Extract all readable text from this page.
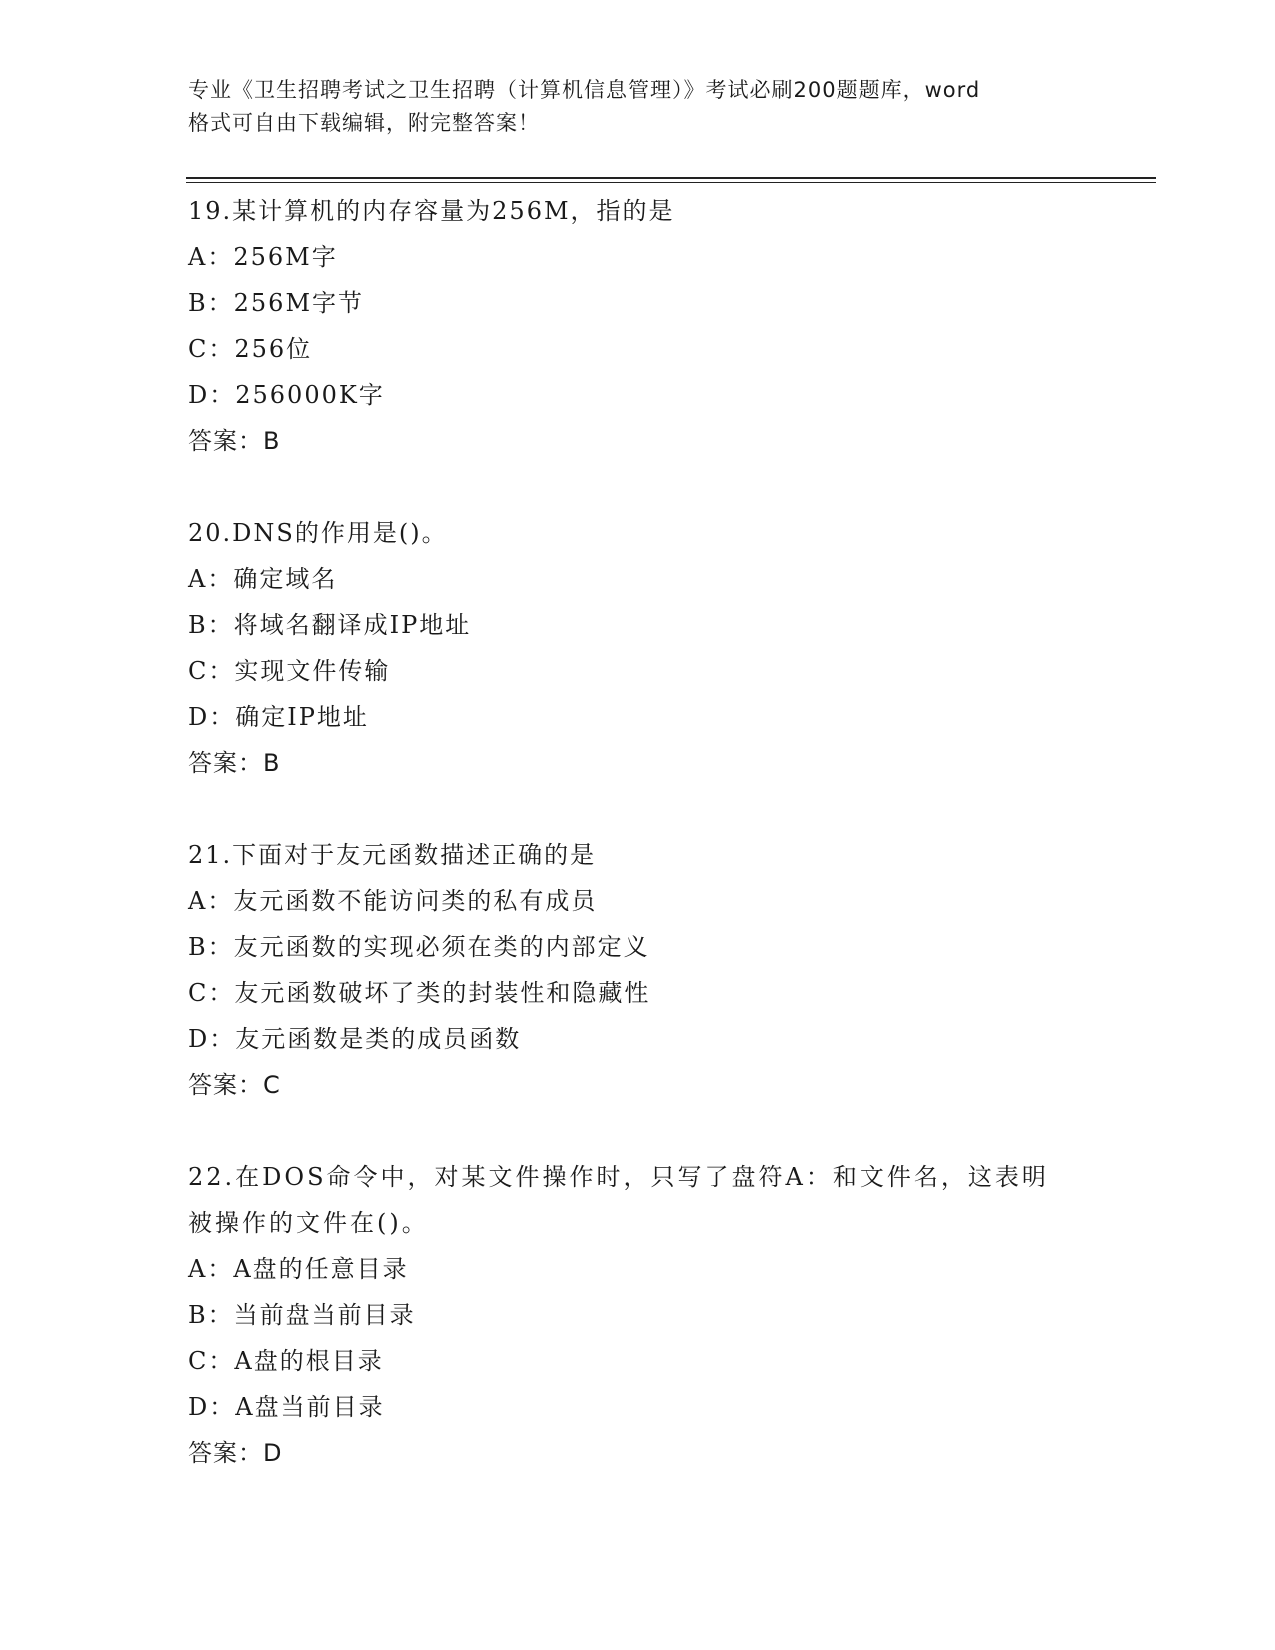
专业《卫生招聘考试之卫生招聘（计算机信息管理）》考试必刷200题题库，word
格式可自由下载编辑，附完整答案！
19.某计算机的内存容量为256M，指的是
A：256M字
B：256M字节
C：256位
D：256000K字
答案：B
20.DNS的作用是()。
A：确定域名
B：将域名翻译成IP地址
C：实现文件传输
D：确定IP地址
答案：B
21.下面对于友元函数描述正确的是
A：友元函数不能访问类的私有成员
B：友元函数的实现必须在类的内部定义
C：友元函数破坏了类的封装性和隐藏性
D：友元函数是类的成员函数
答案：C
22.在DOS命令中，对某文件操作时，只写了盘符A：和文件名，这表明被操作的文件在()。
A：A盘的任意目录
B：当前盘当前目录
C：A盘的根目录
D：A盘当前目录
答案：D
